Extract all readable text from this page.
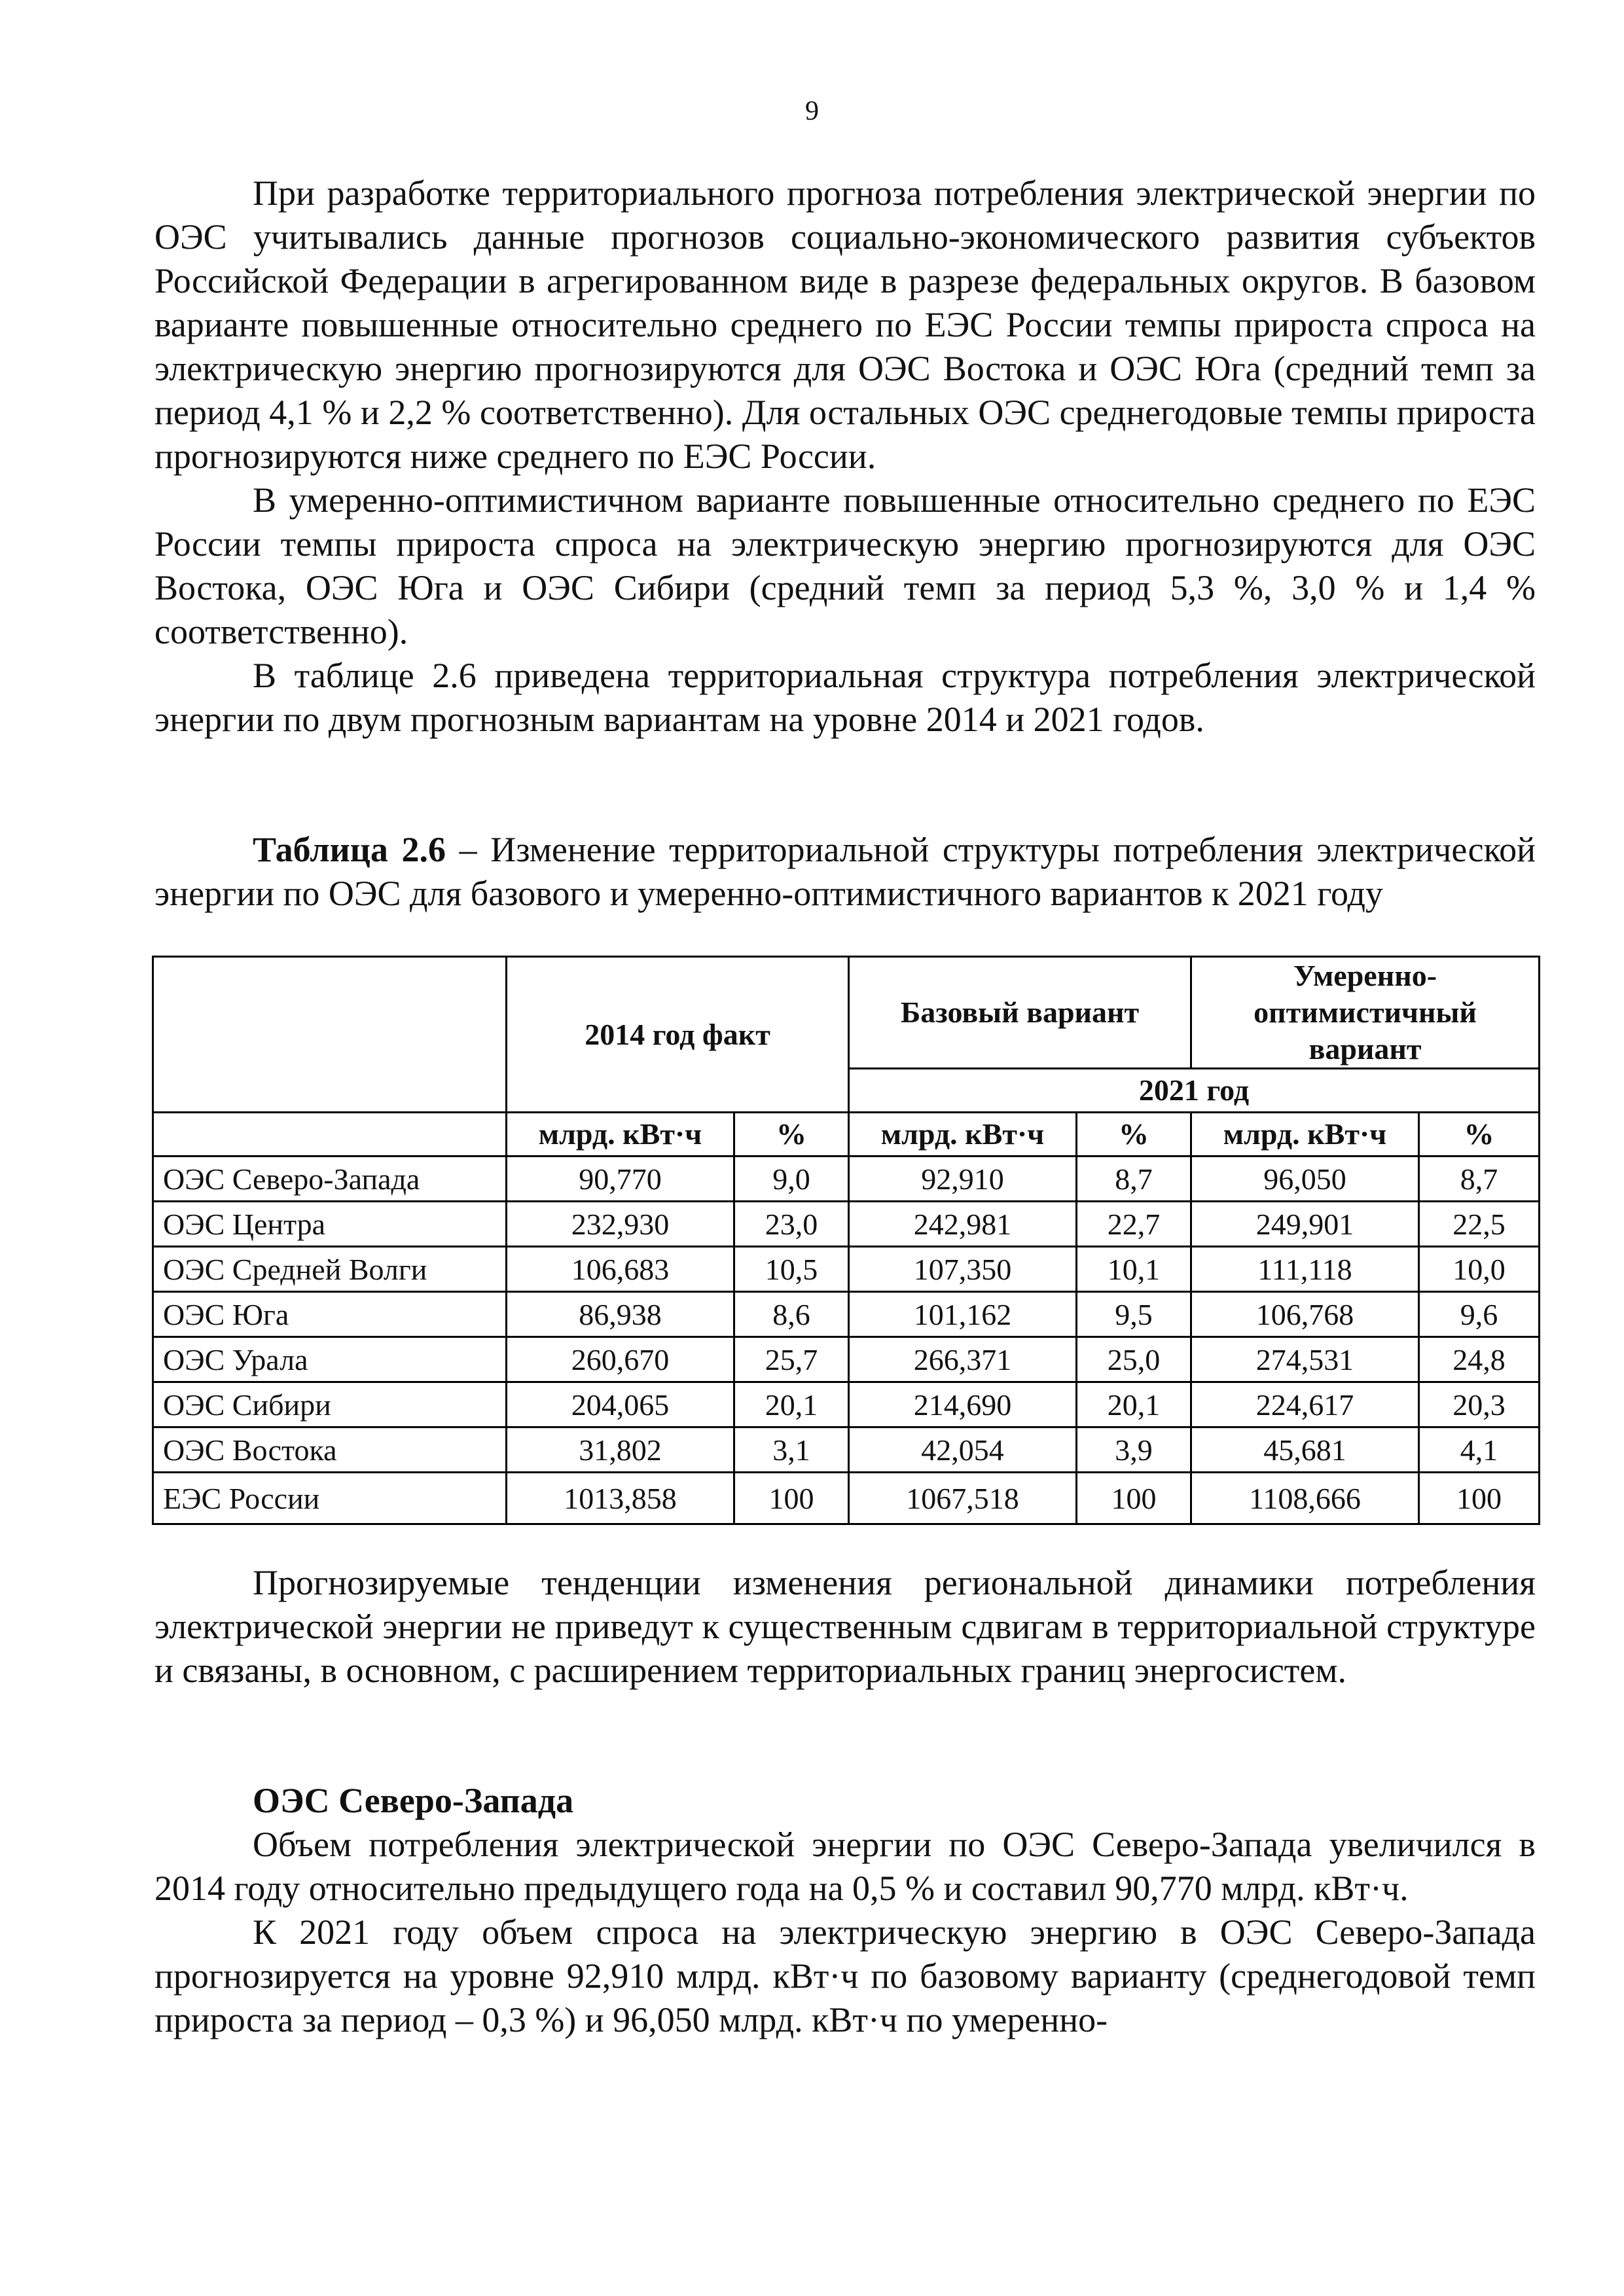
9

При разработке территориального прогноза потребления электрической энергии по ОЭС учитывались данные прогнозов социально-экономического развития субъектов Российской Федерации в агрегированном виде в разрезе федеральных округов. В базовом варианте повышенные относительно среднего по ЕЭС России темпы прироста спроса на электрическую энергию прогнозируются для ОЭС Востока и ОЭС Юга (средний темп за период 4,1 % и 2,2 % соответственно). Для остальных ОЭС среднегодовые темпы прироста прогнозируются ниже среднего по ЕЭС России.

В умеренно-оптимистичном варианте повышенные относительно среднего по ЕЭС России темпы прироста спроса на электрическую энергию прогнозируются для ОЭС Востока, ОЭС Юга и ОЭС Сибири (средний темп за период 5,3 %, 3,0 % и 1,4 % соответственно).

В таблице 2.6 приведена территориальная структура потребления электрической энергии по двум прогнозным вариантам на уровне 2014 и 2021 годов.

Таблица 2.6 – Изменение территориальной структуры потребления электрической энергии по ОЭС для базового и умеренно-оптимистичного вариантов к 2021 году

	2014 год факт		Базовый вариант		Умеренно-оптимистичный вариант	
			2021 год			
	млрд. кВт·ч	%	млрд. кВт·ч	%	млрд. кВт·ч	%
ОЭС Северо-Запада	90,770	9,0	92,910	8,7	96,050	8,7
ОЭС Центра	232,930	23,0	242,981	22,7	249,901	22,5
ОЭС Средней Волги	106,683	10,5	107,350	10,1	111,118	10,0
ОЭС Юга	86,938	8,6	101,162	9,5	106,768	9,6
ОЭС Урала	260,670	25,7	266,371	25,0	274,531	24,8
ОЭС Сибири	204,065	20,1	214,690	20,1	224,617	20,3
ОЭС Востока	31,802	3,1	42,054	3,9	45,681	4,1
ЕЭС России	1013,858	100	1067,518	100	1108,666	100

Прогнозируемые тенденции изменения региональной динамики потребления электрической энергии не приведут к существенным сдвигам в территориальной структуре и связаны, в основном, с расширением территориальных границ энергосистем.

ОЭС Северо-Запада

Объем потребления электрической энергии по ОЭС Северо-Запада увеличился в 2014 году относительно предыдущего года на 0,5 % и составил 90,770 млрд. кВт·ч.

К 2021 году объем спроса на электрическую энергию в ОЭС Северо-Запада прогнозируется на уровне 92,910 млрд. кВт·ч по базовому варианту (среднегодовой темп прироста за период – 0,3 %) и 96,050 млрд. кВт·ч по умеренно-
